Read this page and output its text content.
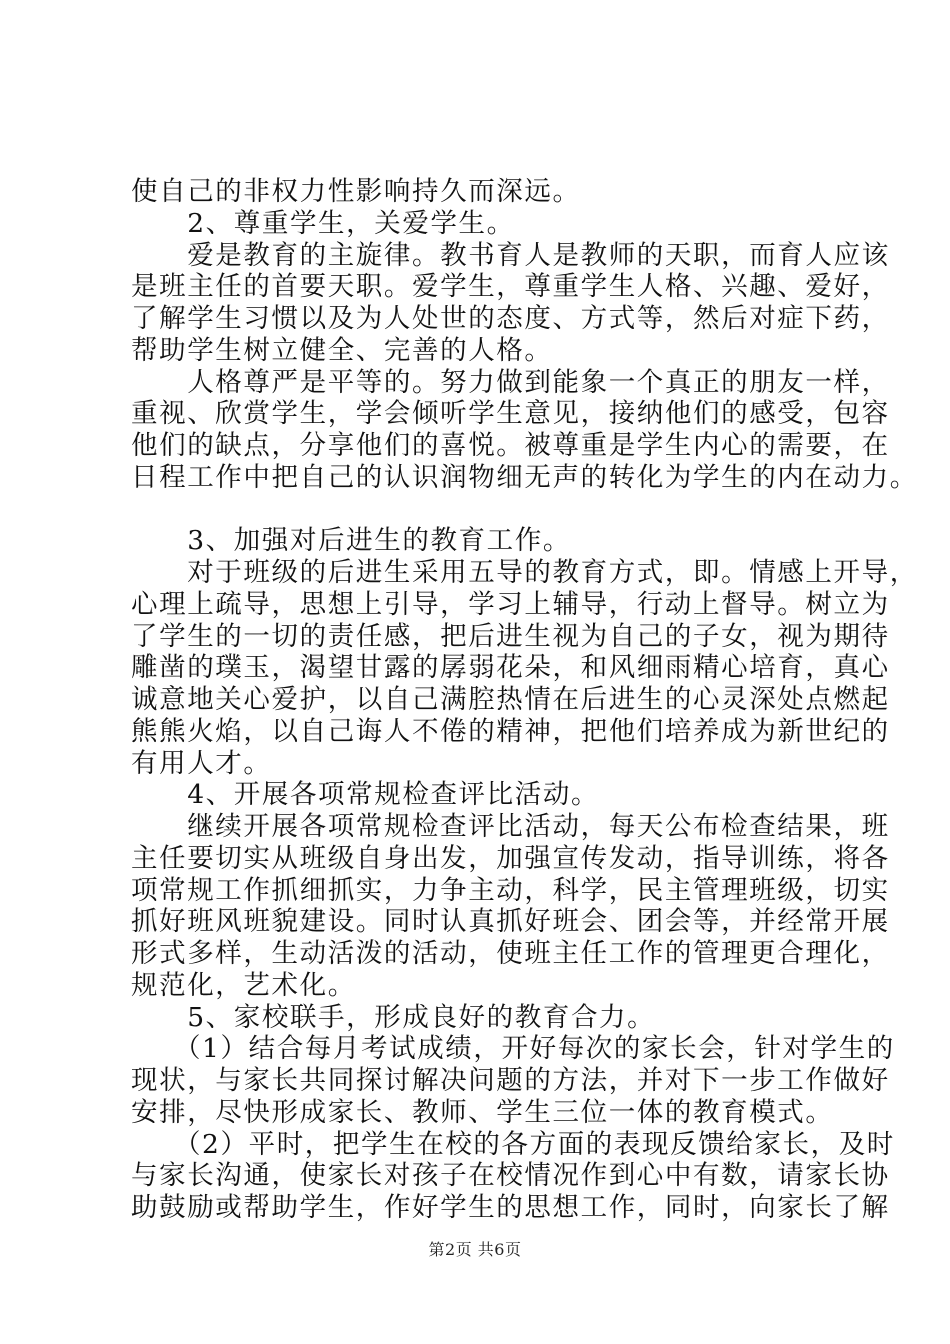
使自己的非权力性影响持久而深远。
　　2、尊重学生，关爱学生。
　　爱是教育的主旋律。教书育人是教师的天职，而育人应该
是班主任的首要天职。爱学生，尊重学生人格、兴趣、爱好，
了解学生习惯以及为人处世的态度、方式等，然后对症下药，
帮助学生树立健全、完善的人格。
　　人格尊严是平等的。努力做到能象一个真正的朋友一样，
重视、欣赏学生，学会倾听学生意见，接纳他们的感受，包容
他们的缺点，分享他们的喜悦。被尊重是学生内心的需要，在
日程工作中把自己的认识润物细无声的转化为学生的内在动力。
　　3、加强对后进生的教育工作。
　　对于班级的后进生采用五导的教育方式，即。情感上开导，
心理上疏导，思想上引导，学习上辅导，行动上督导。树立为
了学生的一切的责任感，把后进生视为自己的子女，视为期待
雕凿的璞玉，渴望甘露的孱弱花朵，和风细雨精心培育，真心
诚意地关心爱护，以自己满腔热情在后进生的心灵深处点燃起
熊熊火焰，以自己诲人不倦的精神，把他们培养成为新世纪的
有用人才。
　　4、开展各项常规检查评比活动。
　　继续开展各项常规检查评比活动，每天公布检查结果，班
主任要切实从班级自身出发，加强宣传发动，指导训练，将各
项常规工作抓细抓实，力争主动，科学，民主管理班级，切实
抓好班风班貌建设。同时认真抓好班会、团会等，并经常开展
形式多样，生动活泼的活动，使班主任工作的管理更合理化，
规范化，艺术化。
　　5、家校联手，形成良好的教育合力。
　　（1）结合每月考试成绩，开好每次的家长会，针对学生的
现状，与家长共同探讨解决问题的方法，并对下一步工作做好
安排，尽快形成家长、教师、学生三位一体的教育模式。
　　（2）平时，把学生在校的各方面的表现反馈给家长，及时
与家长沟通，使家长对孩子在校情况作到心中有数，请家长协
助鼓励或帮助学生，作好学生的思想工作，同时，向家长了解
第2页 共6页
